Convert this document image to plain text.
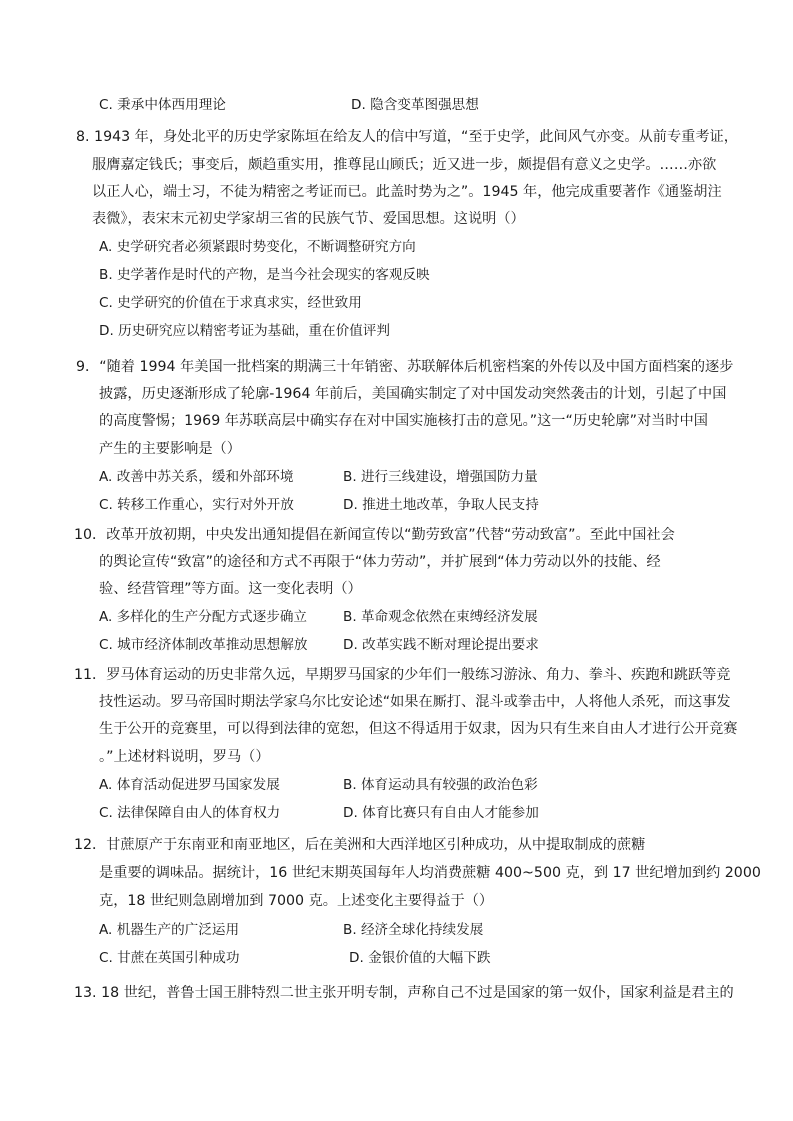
C. 秉承中体西用理论	D. 隐含变革图强思想
8. 1943 年，身处北平的历史学家陈垣在给友人的信中写道，“至于史学，此间风气亦变。从前专重考证，
服膺嘉定钱氏；事变后，颇趋重实用，推尊昆山顾氏；近又进一步，颇提倡有意义之史学。……亦欲
以正人心，端士习，不徒为精密之考证而已。此盖时势为之”。1945 年，他完成重要著作《通鉴胡注
表微》，表宋末元初史学家胡三省的民族气节、爱国思想。这说明（）
A. 史学研究者必须紧跟时势变化，不断调整研究方向
B. 史学著作是时代的产物，是当今社会现实的客观反映
C. 史学研究的价值在于求真求实，经世致用
D. 历史研究应以精密考证为基础，重在价值评判
9．“随着 1994 年美国一批档案的期满三十年销密、苏联解体后机密档案的外传以及中国方面档案的逐步
披露，历史逐渐形成了轮廓-1964 年前后，美国确实制定了对中国发动突然袭击的计划，引起了中国
的高度警惕；1969 年苏联高层中确实存在对中国实施核打击的意见。”这一“历史轮廓”对当时中国
产生的主要影响是（）
A. 改善中苏关系，缓和外部环境	B. 进行三线建设，增强国防力量
C. 转移工作重心，实行对外开放	D. 推进土地改革，争取人民支持
10．改革开放初期，中央发出通知提倡在新闻宣传以“勤劳致富”代替“劳动致富”。至此中国社会
的舆论宣传“致富”的途径和方式不再限于“体力劳动”，并扩展到“体力劳动以外的技能、经
验、经营管理”等方面。这一变化表明（）
A. 多样化的生产分配方式逐步确立	B. 革命观念依然在束缚经济发展
C. 城市经济体制改革推动思想解放	D. 改革实践不断对理论提出要求
11．罗马体育运动的历史非常久远，早期罗马国家的少年们一般练习游泳、角力、拳斗、疾跑和跳跃等竞
技性运动。罗马帝国时期法学家乌尔比安论述“如果在厮打、混斗或拳击中，人将他人杀死，而这事发
生于公开的竞赛里，可以得到法律的宽恕，但这不得适用于奴隶，因为只有生来自由人才进行公开竞赛
。”上述材料说明，罗马（）
A. 体育活动促进罗马国家发展	B. 体育运动具有较强的政治色彩
C. 法律保障自由人的体育权力	D. 体育比赛只有自由人才能参加
12．甘蔗原产于东南亚和南亚地区，后在美洲和大西洋地区引种成功，从中提取制成的蔗糖
是重要的调味品。据统计，16 世纪末期英国每年人均消费蔗糖 400~500 克，到 17 世纪增加到约 2000
克，18 世纪则急剧增加到 7000 克。上述变化主要得益于（）
A. 机器生产的广泛运用	B. 经济全球化持续发展
C. 甘蔗在英国引种成功	D. 金银价值的大幅下跌
13. 18 世纪，普鲁士国王腓特烈二世主张开明专制，声称自己不过是国家的第一奴仆，国家利益是君主的
